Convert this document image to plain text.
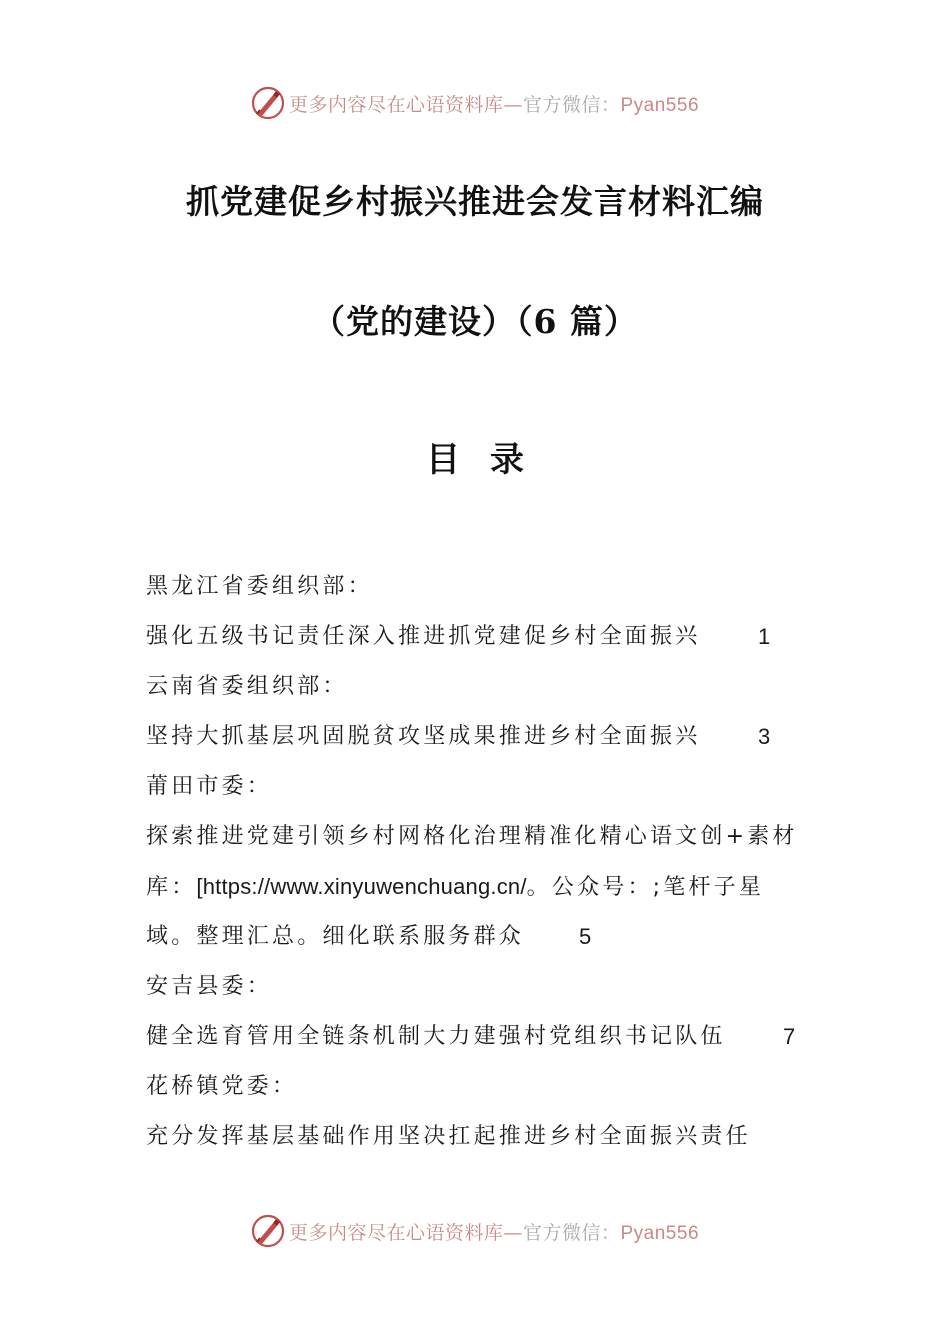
更多内容尽在心语资料库—官方微信：Pyan556
抓党建促乡村振兴推进会发言材料汇编
（党的建设）（6 篇）
目录
黑龙江省委组织部：
强化五级书记责任深入推进抓党建促乡村全面振兴	1
云南省委组织部：
坚持大抓基层巩固脱贫攻坚成果推进乡村全面振兴	3
莆田市委：
探索推进党建引领乡村网格化治理精准化精心语文创+素材
库：[https://www.xinyuwenchuang.cn/。公众号：;笔杆子星
域。整理汇总。细化联系服务群众 5
安吉县委：
健全选育管用全链条机制大力建强村党组织书记队伍	7
花桥镇党委：
充分发挥基层基础作用坚决扛起推进乡村全面振兴责任
更多内容尽在心语资料库—官方微信：Pyan556
